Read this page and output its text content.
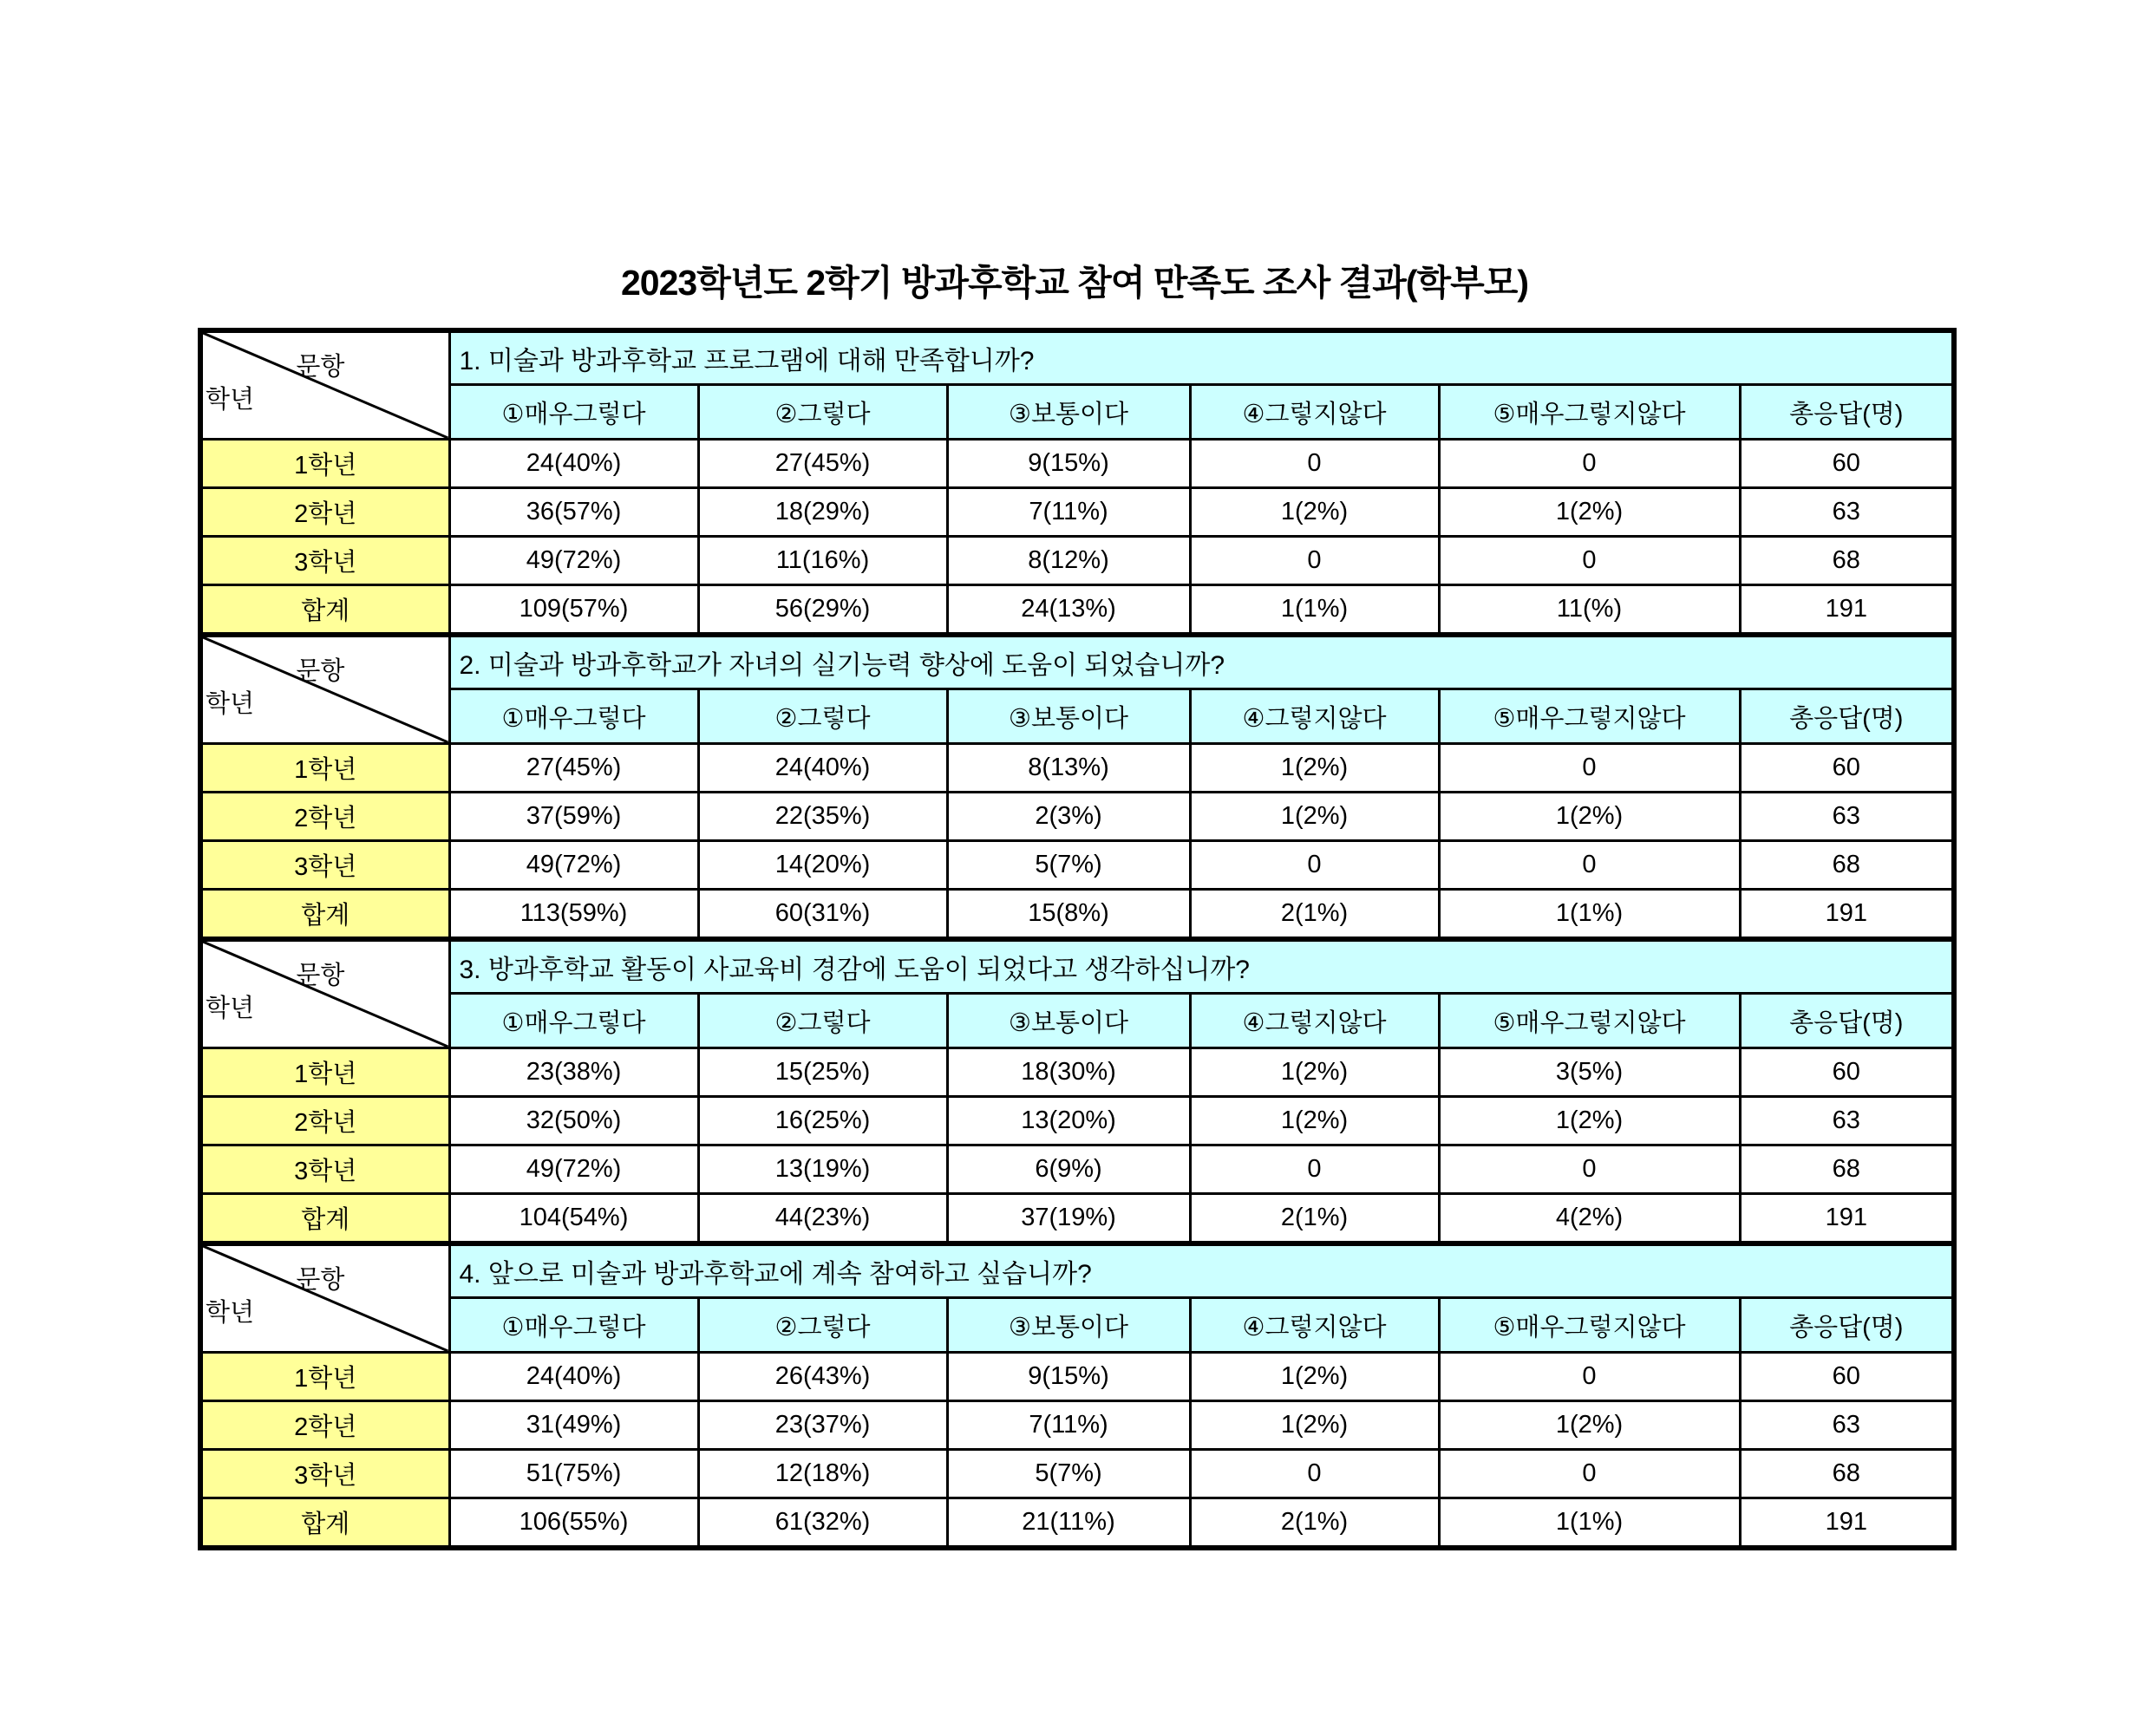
2023학년도 2학기 방과후학교 참여 만족도 조사 결과(학부모)
문항
학년	1. 미술과 방과후학교 프로그램에 대해 만족합니까?					
	①매우그렇다	②그렇다	③보통이다	④그렇지않다	⑤매우그렇지않다	총응답(명)
1학년	24(40%)	27(45%)	9(15%)	0	0	60
2학년	36(57%)	18(29%)	7(11%)	1(2%)	1(2%)	63
3학년	49(72%)	11(16%)	8(12%)	0	0	68
합계	109(57%)	56(29%)	24(13%)	1(1%)	11(%)	191

문항
학년	2. 미술과 방과후학교가 자녀의 실기능력 향상에 도움이 되었습니까?					
	①매우그렇다	②그렇다	③보통이다	④그렇지않다	⑤매우그렇지않다	총응답(명)
1학년	27(45%)	24(40%)	8(13%)	1(2%)	0	60
2학년	37(59%)	22(35%)	2(3%)	1(2%)	1(2%)	63
3학년	49(72%)	14(20%)	5(7%)	0	0	68
합계	113(59%)	60(31%)	15(8%)	2(1%)	1(1%)	191

문항
학년	3. 방과후학교 활동이 사교육비 경감에 도움이 되었다고 생각하십니까?					
	①매우그렇다	②그렇다	③보통이다	④그렇지않다	⑤매우그렇지않다	총응답(명)
1학년	23(38%)	15(25%)	18(30%)	1(2%)	3(5%)	60
2학년	32(50%)	16(25%)	13(20%)	1(2%)	1(2%)	63
3학년	49(72%)	13(19%)	6(9%)	0	0	68
합계	104(54%)	44(23%)	37(19%)	2(1%)	4(2%)	191

문항
학년	4. 앞으로 미술과 방과후학교에 계속 참여하고 싶습니까?					
	①매우그렇다	②그렇다	③보통이다	④그렇지않다	⑤매우그렇지않다	총응답(명)
1학년	24(40%)	26(43%)	9(15%)	1(2%)	0	60
2학년	31(49%)	23(37%)	7(11%)	1(2%)	1(2%)	63
3학년	51(75%)	12(18%)	5(7%)	0	0	68
합계	106(55%)	61(32%)	21(11%)	2(1%)	1(1%)	191
